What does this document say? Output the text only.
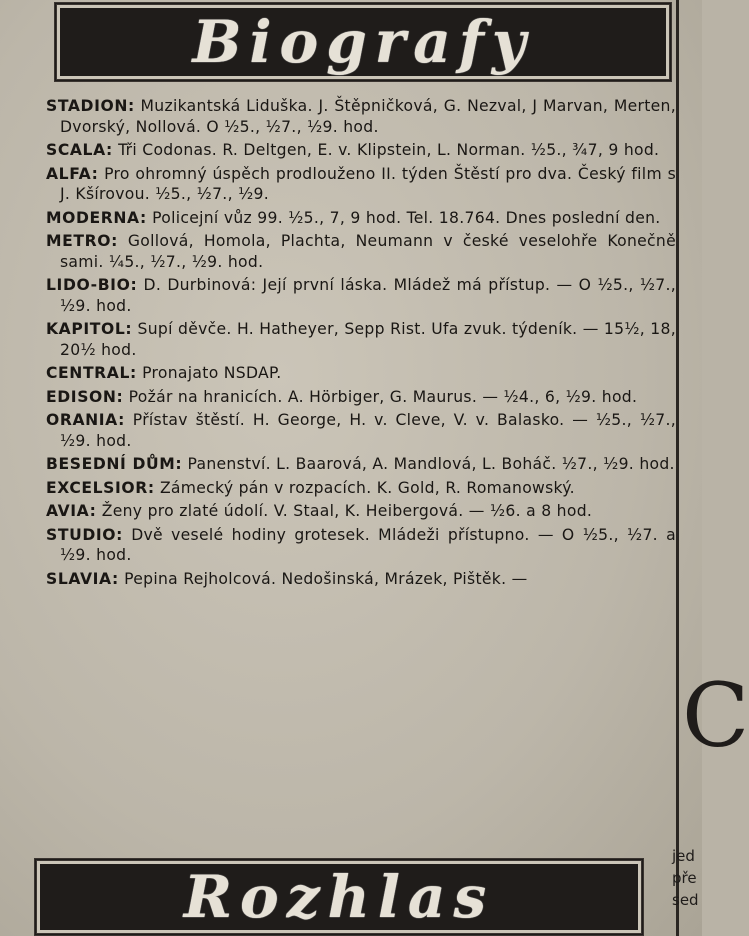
Biografy

STADION: Muzikantská Liduška. J. Štěpničková, G. Nezval, J Marvan, Merten, Dvorský, Nollová. O ½5., ½7., ½9. hod.

SCALA: Tři Codonas. R. Deltgen, E. v. Klipstein, L. Norman. ½5., ¾7, 9 hod.

ALFA: Pro ohromný úspěch prodlouženo II. týden Štěstí pro dva. Český film s J. Kšírovou. ½5., ½7., ½9.

MODERNA: Policejní vůz 99. ½5., 7, 9 hod. Tel. 18.764. Dnes poslední den.

METRO: Gollová, Homola, Plachta, Neumann v české veselohře Konečně sami. ¼5., ½7., ½9. hod.

LIDO-BIO: D. Durbinová: Její první láska. Mládež má přístup. — O ½5., ½7., ½9. hod.

KAPITOL: Supí děvče. H. Hatheyer, Sepp Rist. Ufa zvuk. týdeník. — 15½, 18, 20½ hod.

CENTRAL: Pronajato NSDAP.

EDISON: Požár na hranicích. A. Hörbiger, G. Maurus. — ½4., 6, ½9. hod.

ORANIA: Přístav štěstí. H. George, H. v. Cleve, V. v. Balasko. — ½5., ½7., ½9. hod.

BESEDNÍ DŮM: Panenství. L. Baarová, A. Mandlová, L. Boháč. ½7., ½9. hod.

EXCELSIOR: Zámecký pán v rozpacích. K. Gold, R. Romanowský.

AVIA: Ženy pro zlaté údolí. V. Staal, K. Heibergová. — ½6. a 8 hod.

STUDIO: Dvě veselé hodiny grotesek. Mládeži přístupno. — O ½5., ½7. a ½9. hod.

SLAVIA: Pepina Rejholcová. Nedošinská, Mrázek, Pištěk. —

Rozhlas
C
jed
pře
sed
